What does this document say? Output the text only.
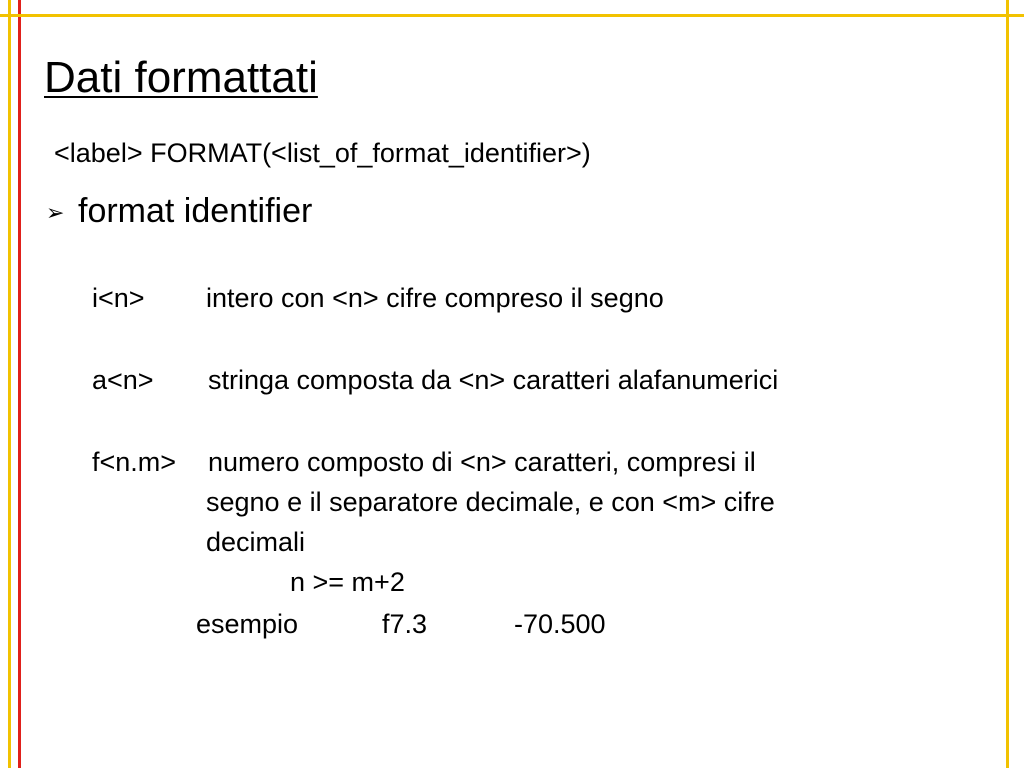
Dati formattati
<label> FORMAT(<list_of_format_identifier>)
➢ format identifier
i<n> intero con <n> cifre compreso il segno
a<n> stringa composta da <n> caratteri alafanumerici
f<n.m> numero composto di <n> caratteri, compresi il
segno e il separatore decimale, e con <m> cifre
decimali
n >= m+2
esempio	f7.3	-70.500
